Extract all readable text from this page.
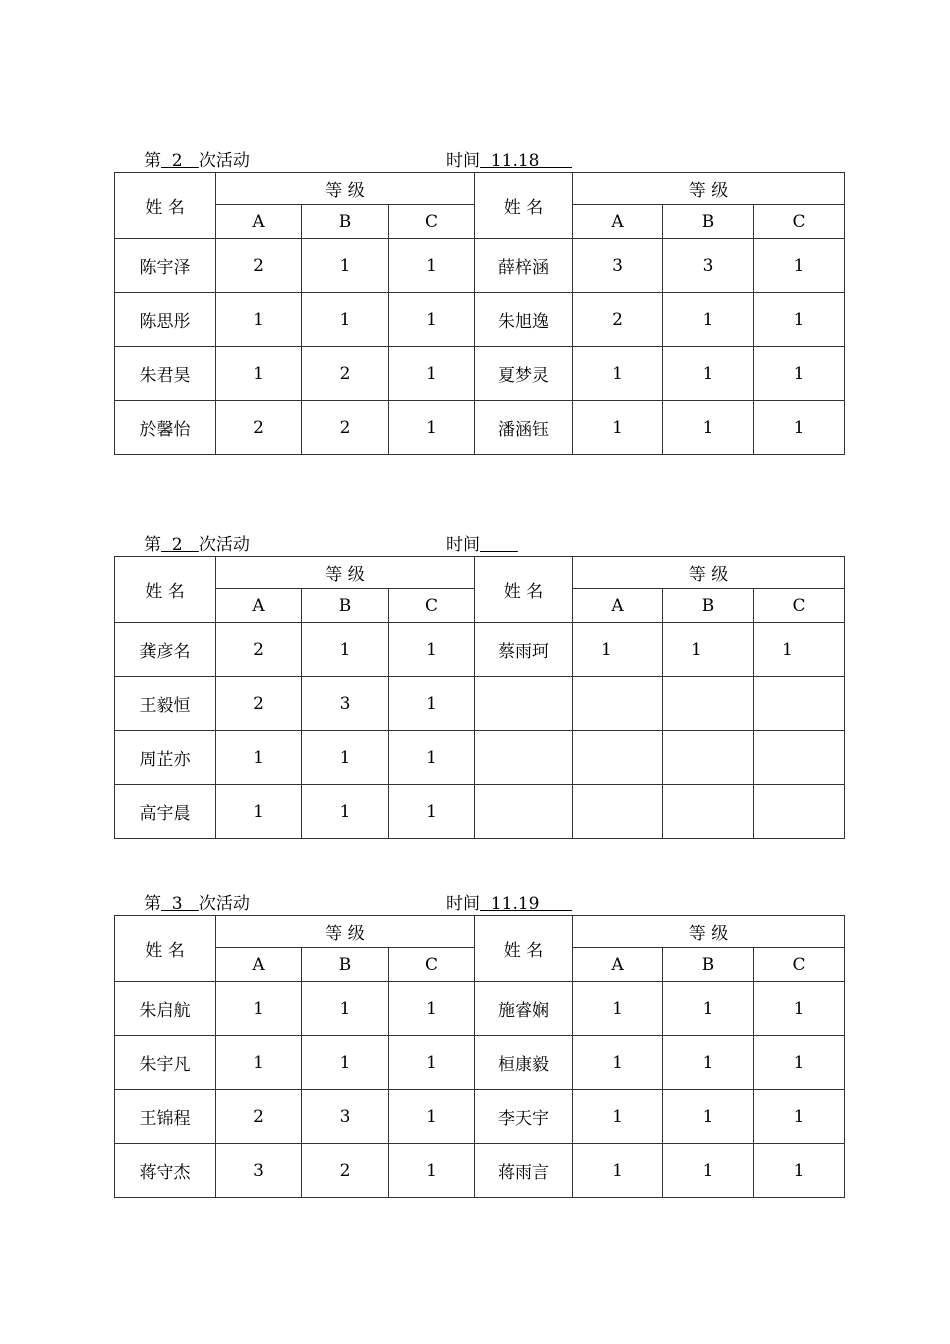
第  2   次活动	时间  11.18
姓 名	等 级			姓 名	等 级		
	A	B	C		A	B	C
陈宇泽	2	1	1	薛梓涵	3	3	1
陈思彤	1	1	1	朱旭逸	2	1	1
朱君昊	1	2	1	夏梦灵	1	1	1
於馨怡	2	2	1	潘涵钰	1	1	1
第  2   次活动	时间
姓 名	等 级			姓 名	等 级		
	A	B	C		A	B	C
龚彦名	2	1	1	蔡雨珂	1	1	1
王毅恒	2	3	1				
周芷亦	1	1	1				
高宇晨	1	1	1				
第  3   次活动	时间  11.19
姓 名	等 级			姓 名	等 级		
	A	B	C		A	B	C
朱启航	1	1	1	施睿娴	1	1	1
朱宇凡	1	1	1	桓康毅	1	1	1
王锦程	2	3	1	李天宇	1	1	1
蒋守杰	3	2	1	蒋雨言	1	1	1
